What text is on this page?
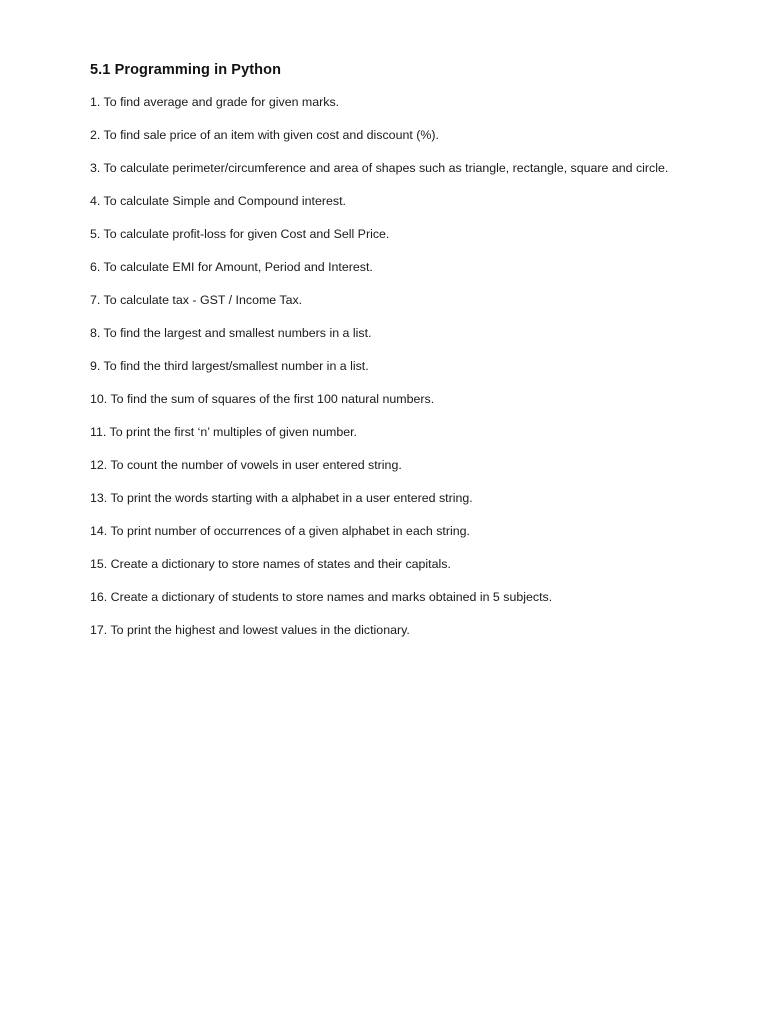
5.1 Programming in Python
1. To find average and grade for given marks.
2. To find sale price of an item with given cost and discount (%).
3. To calculate perimeter/circumference and area of shapes such as triangle, rectangle, square and circle.
4. To calculate Simple and Compound interest.
5. To calculate profit-loss for given Cost and Sell Price.
6. To calculate EMI for Amount, Period and Interest.
7. To calculate tax - GST / Income Tax.
8. To find the largest and smallest numbers in a list.
9. To find the third largest/smallest number in a list.
10. To find the sum of squares of the first 100 natural numbers.
11. To print the first ‘n’ multiples of given number.
12. To count the number of vowels in user entered string.
13. To print the words starting with a alphabet in a user entered string.
14. To print number of occurrences of a given alphabet in each string.
15. Create a dictionary to store names of states and their capitals.
16. Create a dictionary of students to store names and marks obtained in 5 subjects.
17. To print the highest and lowest values in the dictionary.
